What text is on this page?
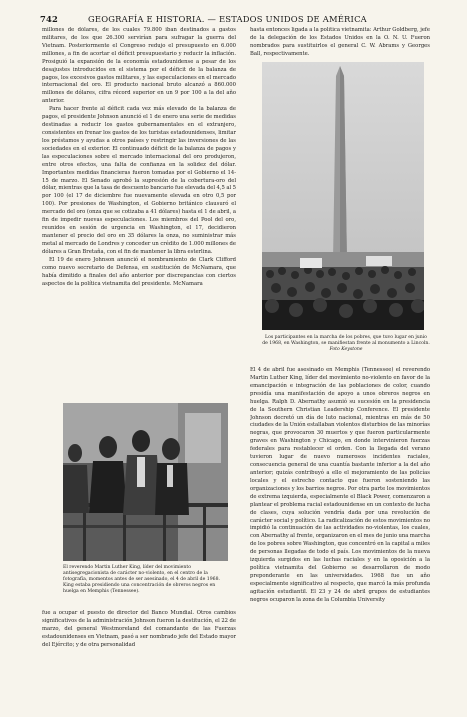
742	GEOGRAFÍA E HISTORIA. — ESTADOS UNIDOS DE AMÉRICA

millones de dólares, de los cuales 79.800 iban destinados a gastos militares, de los que 26.300 servirían para sufragar la guerra del Vietnam. Posteriormente el Congreso redujo el presupuesto en 6.000 millones, a fin de acortar el déficit presupuestario y reducir la inflación. Prosiguió la expansión de la economía estadounidense a pesar de los desajustes introducidos en el sistema por el déficit de la balanza de pagos, los excesivos gastos militares, y las especulaciones en el mercado internacional del oro. El producto nacional bruto alcanzó a 860.000 millones de dólares, cifra récord superior en un 9 por 100 a la del año anterior.

Para hacer frente al déficit cada vez más elevado de la balanza de pagos, el presidente Johnson anunció el 1 de enero una serie de medidas destinadas a reducir los gastos gubernamentales en el extranjero, consistentes en frenar los gastos de los turistas estadounidenses, limitar los préstamos y ayudas a otros países y restringir las inversiones de las sociedades en el exterior. El continuado déficit de la balanza de pagos y las especulaciones sobre el mercado internacional del oro produjeron, entre otros efectos, una falta de confianza en la solidez del dólar. Importantes medidas financieras fueron tomadas por el Gobierno el 14-15 de marzo. El Senado aprobó la supresión de la cobertura-oro del dólar, mientras que la tasa de descuento bancario fue elevada del 4,5 al 5 por 100 (el 17 de diciembre fue nuevamente elevada en otro 0,5 por 100). Por presiones de Washington, el Gobierno británico clausuró el mercado del oro (onza que se cotizaba a 41 dólares) hasta el 1 de abril, a fin de impedir nuevas especulaciones. Los miembros del Pool del oro, reunidos en sesión de urgencia en Washington, el 17, decidieron mantener el precio del oro en 35 dólares la onza, no suministrar más metal al mercado de Londres y conceder un crédito de 1.000 millones de dólares a Gran Bretaña, con el fin de mantener la libra esterlina.

El 19 de enero Johnson anunció el nombramiento de Clark Clifford como nuevo secretario de Defensa, en sustitución de McNamara, que había dimitido a finales del año anterior por discrepancias con ciertos aspectos de la política vietnamita del presidente. McNamara

El reverendo Martin Luther King, líder del movimiento antisegregacionista de carácter no-violento, en el centro de la fotografía, momentos antes de ser asesinado, el 4 de abril de 1968. King estaba presidiendo una concentración de obreros negros en huelga en Memphis (Tennessee).

fue a ocupar el puesto de director del Banco Mundial. Otros cambios significativos de la administración Johnson fueron la destitución, el 22 de marzo, del general Westmoreland del comandante de las Fuerzas estadounidenses en Vietnam, pasó a ser nombrado jefe del Estado mayor del Ejército; y de otra personalidad

hasta entonces ligada a la política vietnamita: Arthur Goldberg, jefe de la delegación de los Estados Unidos en la O. N. U. Fueron nombrados para sustituirlos el general C. W. Abrams y Georges Ball, respectivamente.

Los participantes en la marcha de los pobres, que tuvo lugar en junio de 1968, en Washington, se manifiestan frente al monumento a Lincoln. Foto Keystone

El 4 de abril fue asesinado en Memphis (Tennessee) el reverendo Martin Luther King, líder del movimiento no-violento en favor de la emancipación e integración de las poblaciones de color, cuando presidía una manifestación de apoyo a unos obreros negros en huelga. Ralph D. Abernathy asumió su sucesión en la presidencia de la Southern Christian Leadership Conference. El presidente Johnson decretó un día de luto nacional, mientras en más de 50 ciudades de la Unión estallaban violentos disturbios de las minorías negras, que provocaron 30 muertos y que fueron particularmente graves en Washington y Chicago, en donde intervinieron fuerzas federales para restablecer el orden. Con la llegada del verano tuvieron lugar de nuevo numerosos incidentes raciales, consecuencia general de una cuantía bastante inferior a la del año anterior; quizás contribuyó a ello el mejoramiento de las policías locales y el estrecho contacto que fueron sosteniendo las organizaciones y los barrios negros. Por otra parte los movimientos de extrema izquierda, especialmente el Black Power, comenzaron a plantear el problema racial estadounidense en un contexto de lucha de clases, cuya solución vendría dada por una revolución de carácter social y político. La radicalización de estos movimientos no impidió la continuación de las actividades no-violentas, los cuales, con Abernathy al frente, organizaron en el mes de junio una marcha de los pobres sobre Washington, que concentró en la capital a miles de personas llegadas de todo el país. Los movimientos de la nueva izquierda surgidos en las luchas raciales y en la oposición a la política vietnamita del Gobierno se desarrollaron de modo preponderante en las universidades. 1968 fue un año especialmente significativo al respecto, que marcó la más profunda agitación estudiantil. El 23 y 24 de abril grupos de estudiantes negros ocuparon la zona de la Columbia University
